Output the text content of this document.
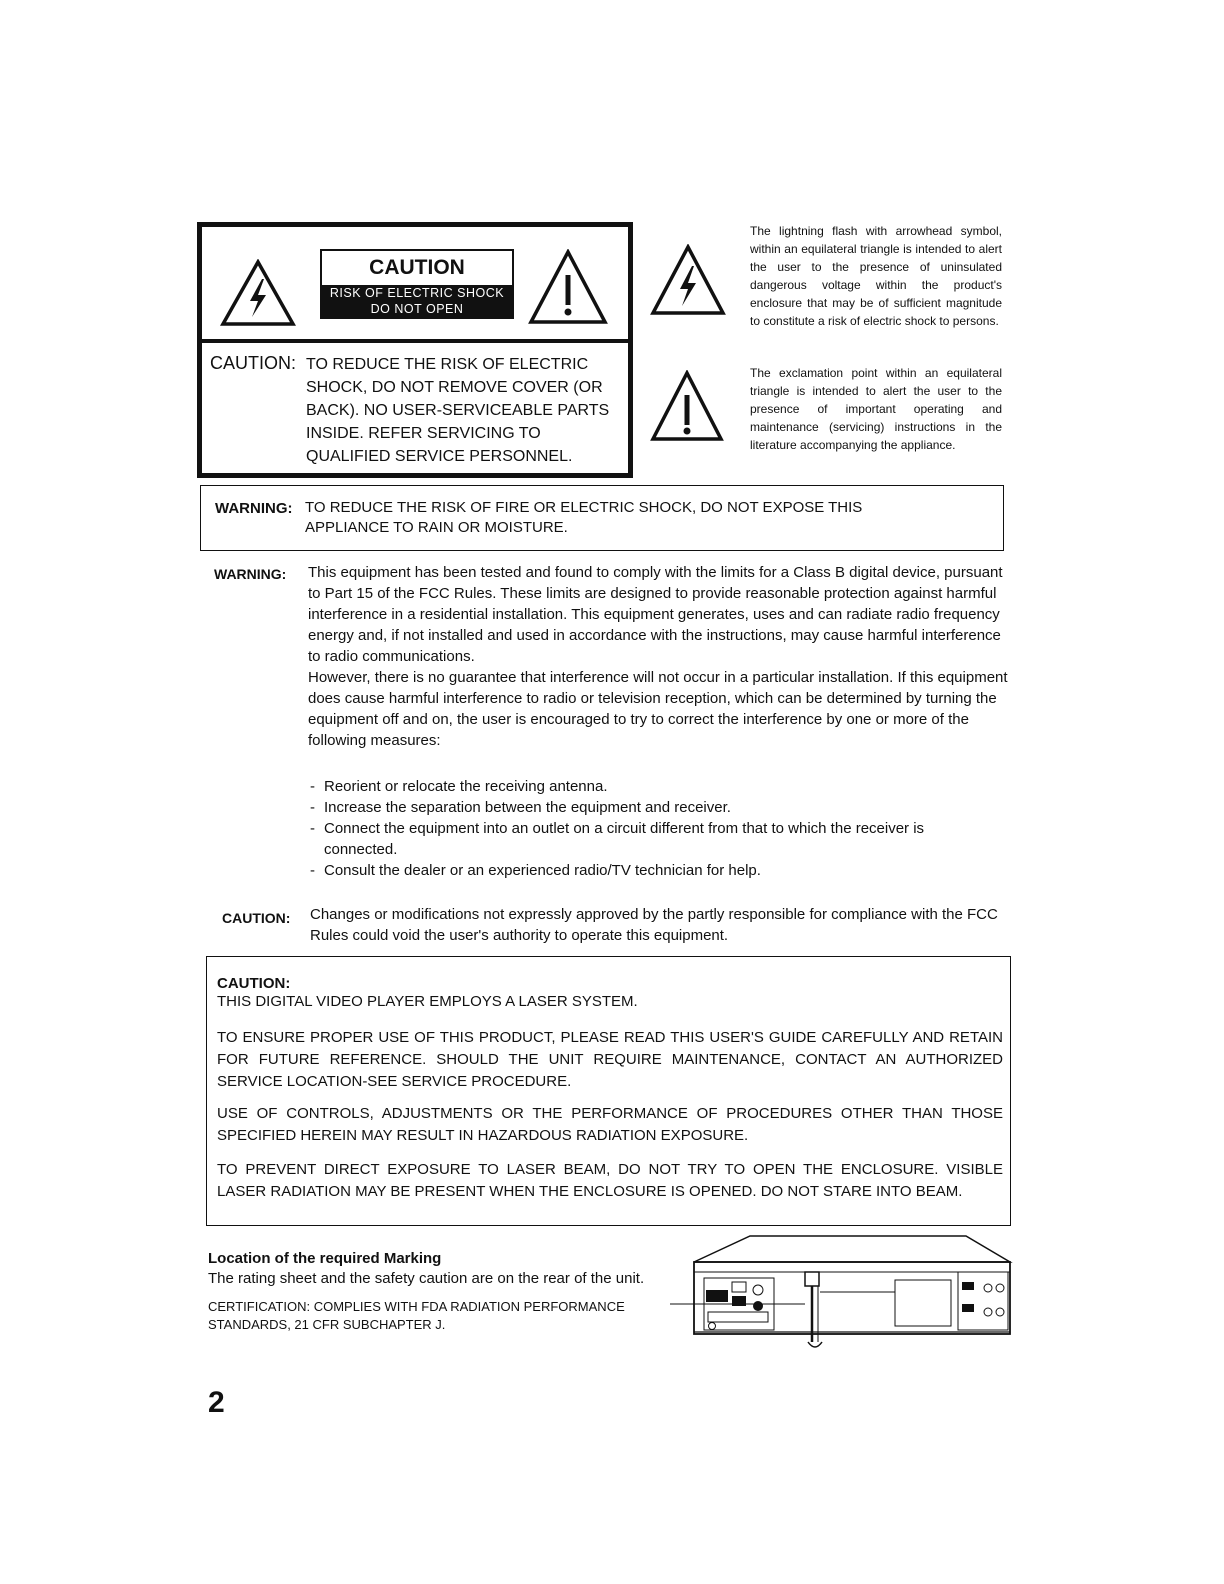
CAUTION
RISK OF ELECTRIC SHOCK
DO NOT OPEN
CAUTION: TO REDUCE THE RISK OF ELECTRIC SHOCK, DO NOT REMOVE COVER (OR BACK). NO USER-SERVICEABLE PARTS INSIDE. REFER SERVICING TO QUALIFIED SERVICE PERSONNEL.
The lightning flash with arrowhead symbol, within an equilateral triangle is intended to alert the user to the presence of uninsulated dangerous voltage within the product's enclosure that may be of sufficient magnitude to constitute a risk of electric shock to persons.
The exclamation point within an equilateral triangle is intended to alert the user to the presence of important operating and maintenance (servicing) instructions in the literature accompanying the appliance.
WARNING: TO REDUCE THE RISK OF FIRE OR ELECTRIC SHOCK, DO NOT EXPOSE THIS APPLIANCE TO RAIN OR MOISTURE.
WARNING: This equipment has been tested and found to comply with the limits for a Class B digital device, pursuant to Part 15 of the FCC Rules. These limits are designed to provide reasonable protection against harmful interference in a residential installation. This equipment generates, uses and can radiate radio frequency energy and, if not installed and used in accordance with the instructions, may cause harmful interference to radio communications.
However, there is no guarantee that interference will not occur in a particular installation. If this equipment does cause harmful interference to radio or television reception, which can be determined by turning the equipment off and on, the user is encouraged to try to correct the interference by one or more of the following measures:
- Reorient or relocate the receiving antenna.
- Increase the separation between the equipment and receiver.
- Connect the equipment into an outlet on a circuit different from that to which the receiver is connected.
- Consult the dealer or an experienced radio/TV technician for help.
CAUTION: Changes or modifications not expressly approved by the partly responsible for compliance with the FCC Rules could void the user's authority to operate this equipment.
CAUTION:

THIS DIGITAL VIDEO PLAYER EMPLOYS A LASER SYSTEM.

TO ENSURE PROPER USE OF THIS PRODUCT, PLEASE READ THIS USER'S GUIDE CAREFULLY AND RETAIN FOR FUTURE REFERENCE. SHOULD THE UNIT REQUIRE MAINTENANCE, CONTACT AN AUTHORIZED SERVICE LOCATION-SEE SERVICE PROCEDURE.

USE OF CONTROLS, ADJUSTMENTS OR THE PERFORMANCE OF PROCEDURES OTHER THAN THOSE SPECIFIED HEREIN MAY RESULT IN HAZARDOUS RADIATION EXPOSURE.

TO PREVENT DIRECT EXPOSURE TO LASER BEAM, DO NOT TRY TO OPEN THE ENCLOSURE. VISIBLE LASER RADIATION MAY BE PRESENT WHEN THE ENCLOSURE IS OPENED. DO NOT STARE INTO BEAM.

Location of the required Marking
The rating sheet and the safety caution are on the rear of the unit.
CERTIFICATION: COMPLIES WITH FDA RADIATION PERFORMANCE STANDARDS, 21 CFR SUBCHAPTER J.
2
